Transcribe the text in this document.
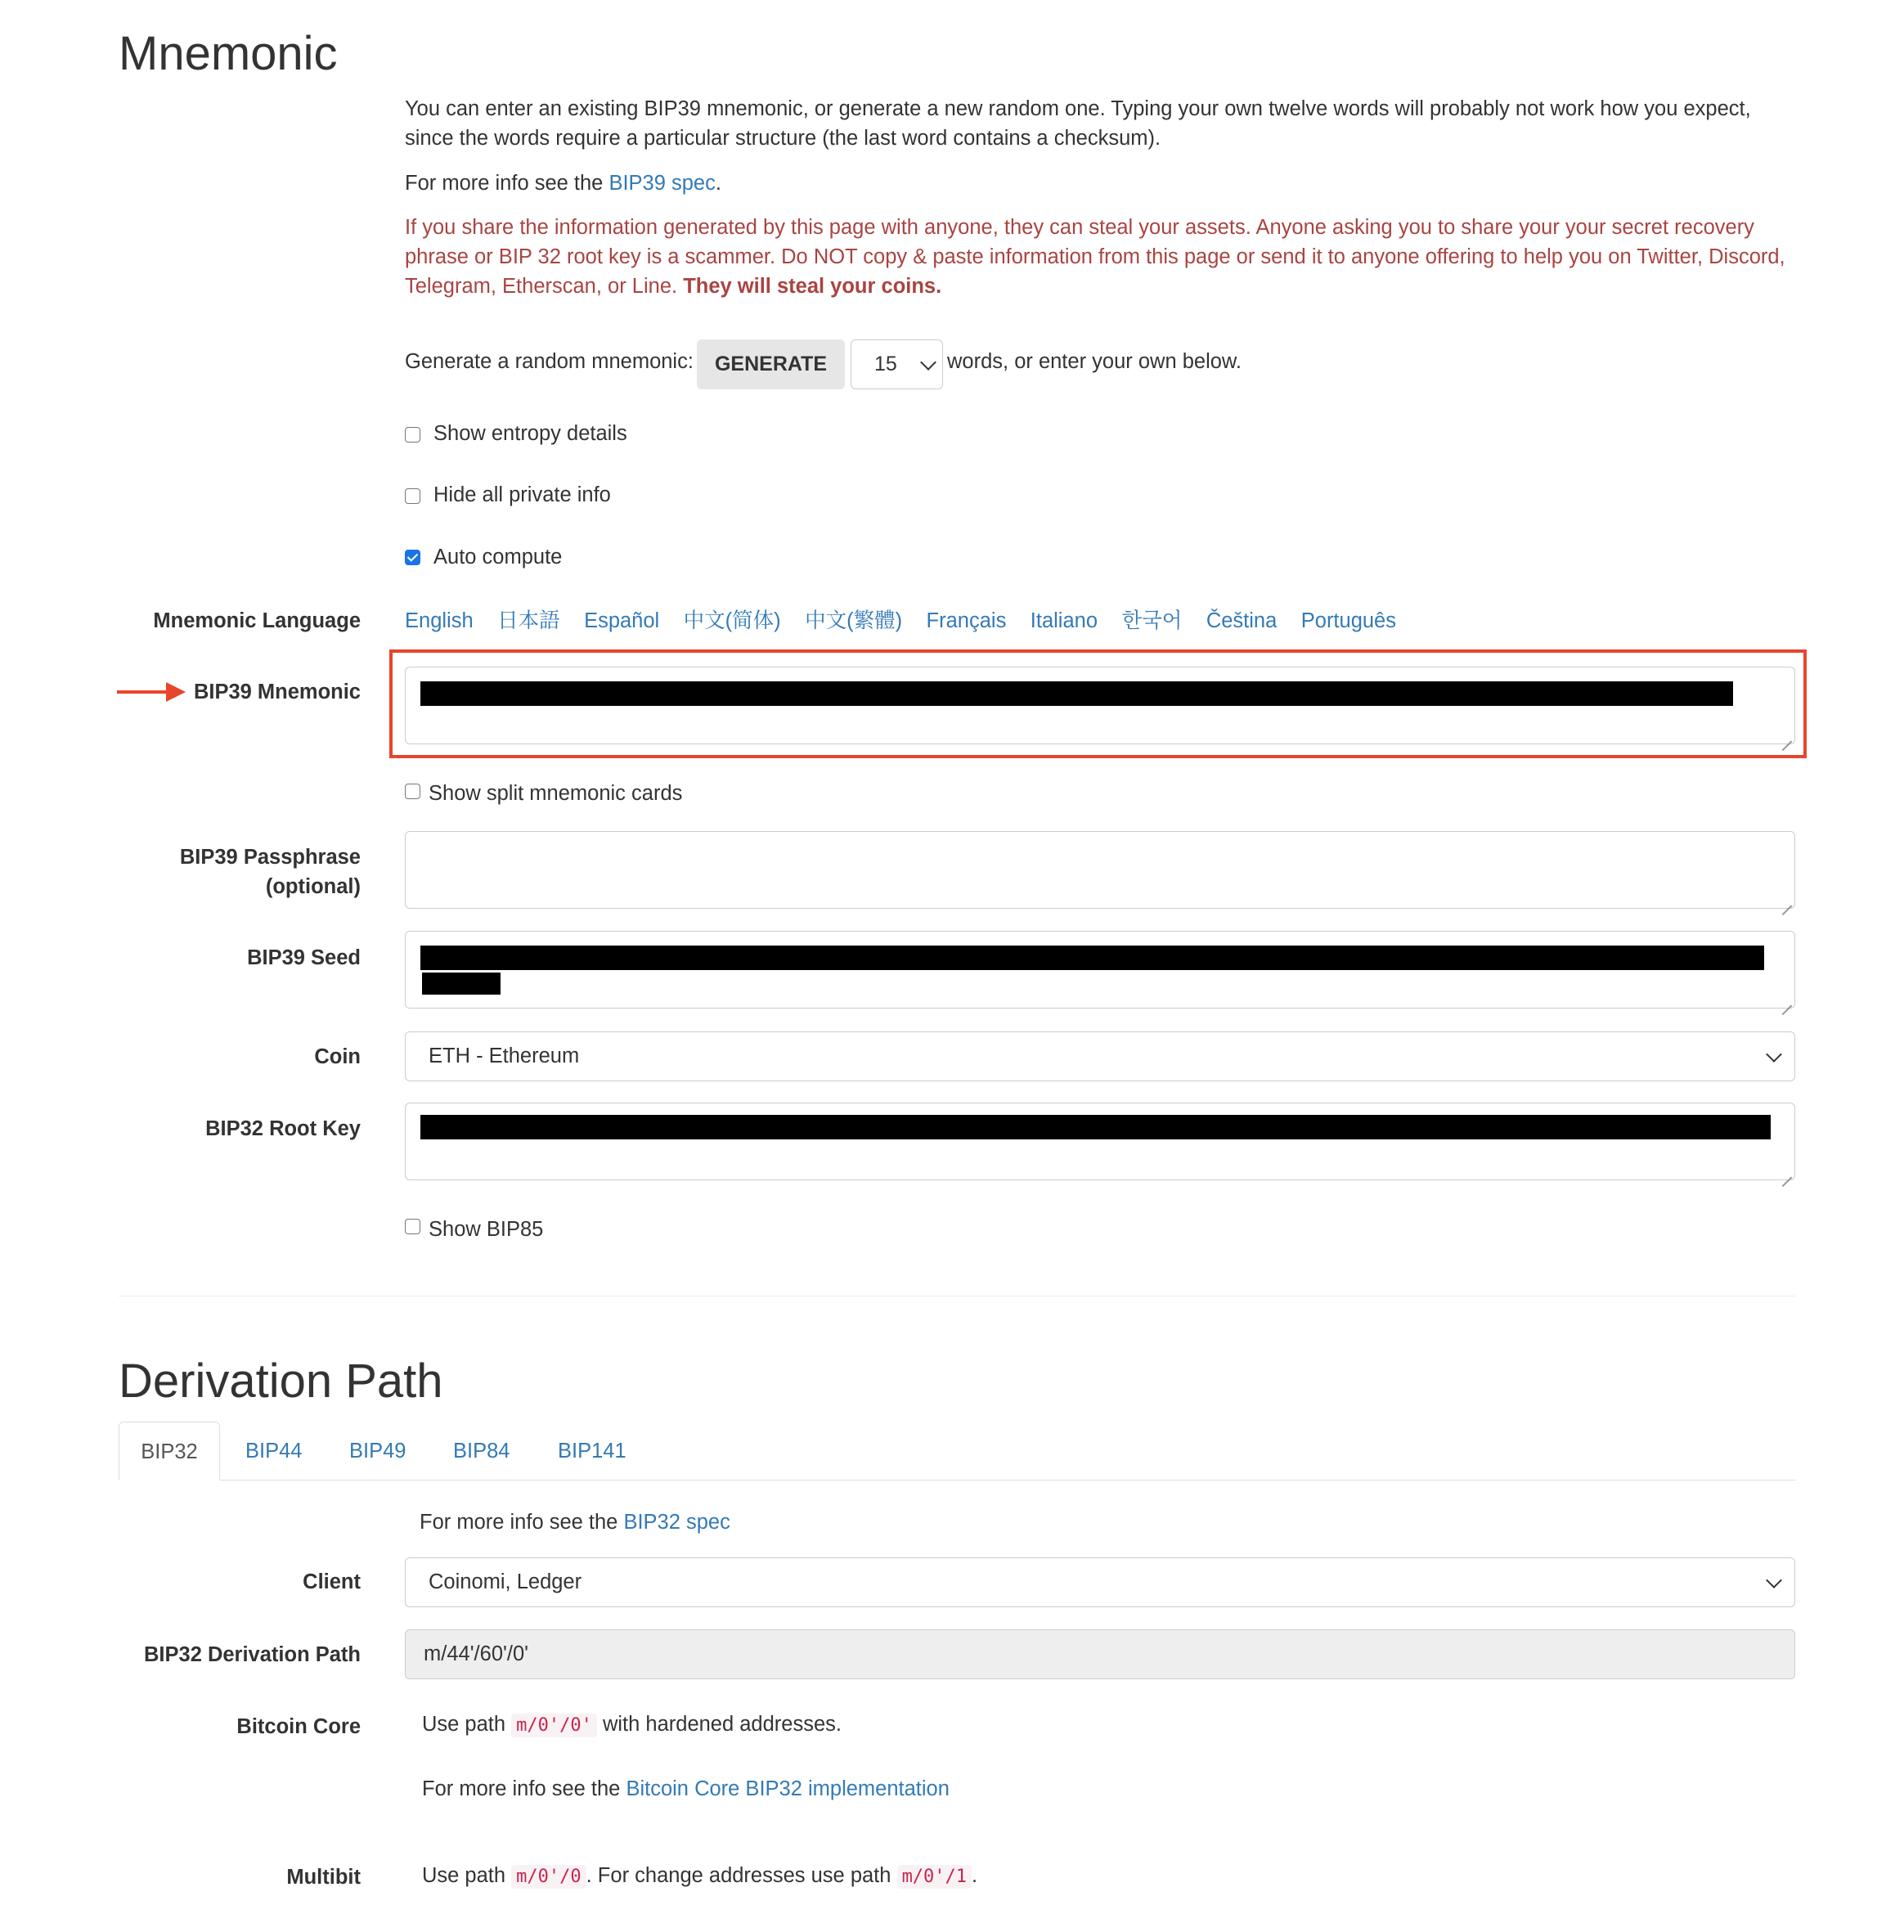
Mnemonic
You can enter an existing BIP39 mnemonic, or generate a new random one. Typing your own twelve words will probably not work how you expect, since the words require a particular structure (the last word contains a checksum).
For more info see the BIP39 spec.
If you share the information generated by this page with anyone, they can steal your assets. Anyone asking you to share your your secret recovery phrase or BIP 32 root key is a scammer. Do NOT copy & paste information from this page or send it to anyone offering to help you on Twitter, Discord, Telegram, Etherscan, or Line. They will steal your coins.
Generate a random mnemonic:	GENERATE	15 words, or enter your own below.
Show entropy details
Hide all private info
Auto compute
Mnemonic Language English 日本語 Español 中文(简体) 中文(繁體) Français Italiano 한국어 Čeština Português
BIP39 Mnemonic
Show split mnemonic cards
BIP39 Passphrase
(optional)
BIP39 Seed
Coin	ETH - Ethereum
BIP32 Root Key
Show BIP85
Derivation Path
BIP32	BIP44 BIP49 BIP84 BIP141
For more info see the BIP32 spec
Client	Coinomi, Ledger
BIP32 Derivation Path	m/44'/60'/0'
Bitcoin Core	Use path m/0'/0' with hardened addresses.
For more info see the Bitcoin Core BIP32 implementation
Multibit	Use path m/0'/0 . For change addresses use path m/0'/1 .
